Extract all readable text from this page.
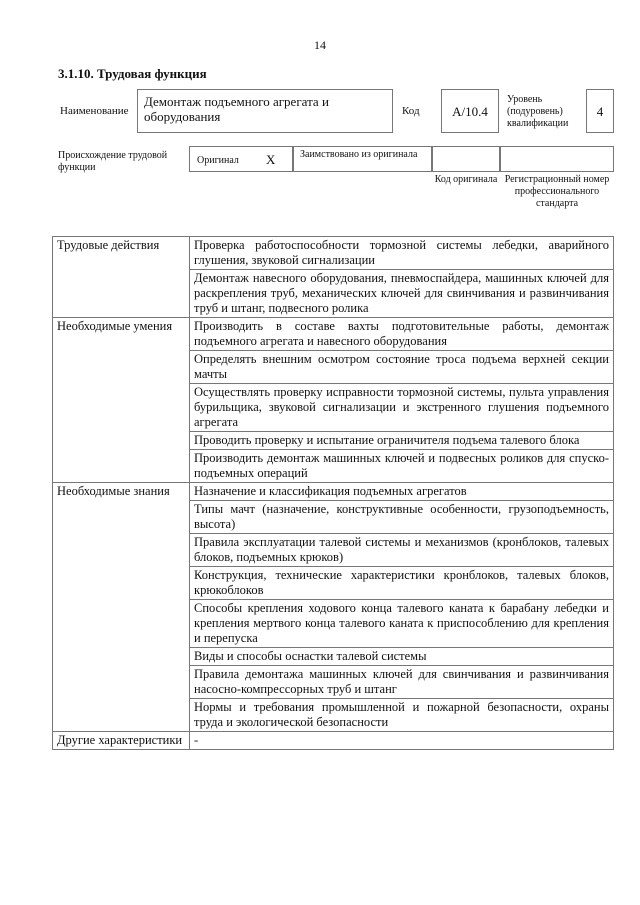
14
3.1.10. Трудовая функция
Наименование
Демонтаж подъемного агрегата и оборудования	Код	А/10.4
Уровень (подуровень) квалификации
4
Происхождение трудовой функции
Оригинал X Заимствовано из оригинала
Код оригинала Регистрационный номер профессионального стандарта
Трудовые действия	Проверка работоспособности тормозной системы лебедки, аварийного глушения, звуковой сигнализации
	Демонтаж навесного оборудования, пневмоспайдера, машинных ключей для раскрепления труб, механических ключей для свинчивания и развинчивания труб и штанг, подвесного ролика
Необходимые умения	Производить в составе вахты подготовительные работы, демонтаж подъемного агрегата и навесного оборудования
	Определять внешним осмотром состояние троса подъема верхней секции мачты
	Осуществлять проверку исправности тормозной системы, пульта управления бурильщика, звуковой сигнализации и экстренного глушения подъемного агрегата
	Проводить проверку и испытание ограничителя подъема талевого блока
	Производить демонтаж машинных ключей и подвесных роликов для спуско-подъемных операций
Необходимые знания	Назначение и классификация подъемных агрегатов
	Типы мачт (назначение, конструктивные особенности, грузоподъемность, высота)
	Правила эксплуатации талевой системы и механизмов (кронблоков, талевых блоков, подъемных крюков)
	Конструкция, технические характеристики кронблоков, талевых блоков, крюкоблоков
	Способы крепления ходового конца талевого каната к барабану лебедки и крепления мертвого конца талевого каната к приспособлению для крепления и перепуска
	Виды и способы оснастки талевой системы
	Правила демонтажа машинных ключей для свинчивания и развинчивания насосно-компрессорных труб и штанг
	Нормы и требования промышленной и пожарной безопасности, охраны труда и экологической безопасности
Другие характеристики	-
